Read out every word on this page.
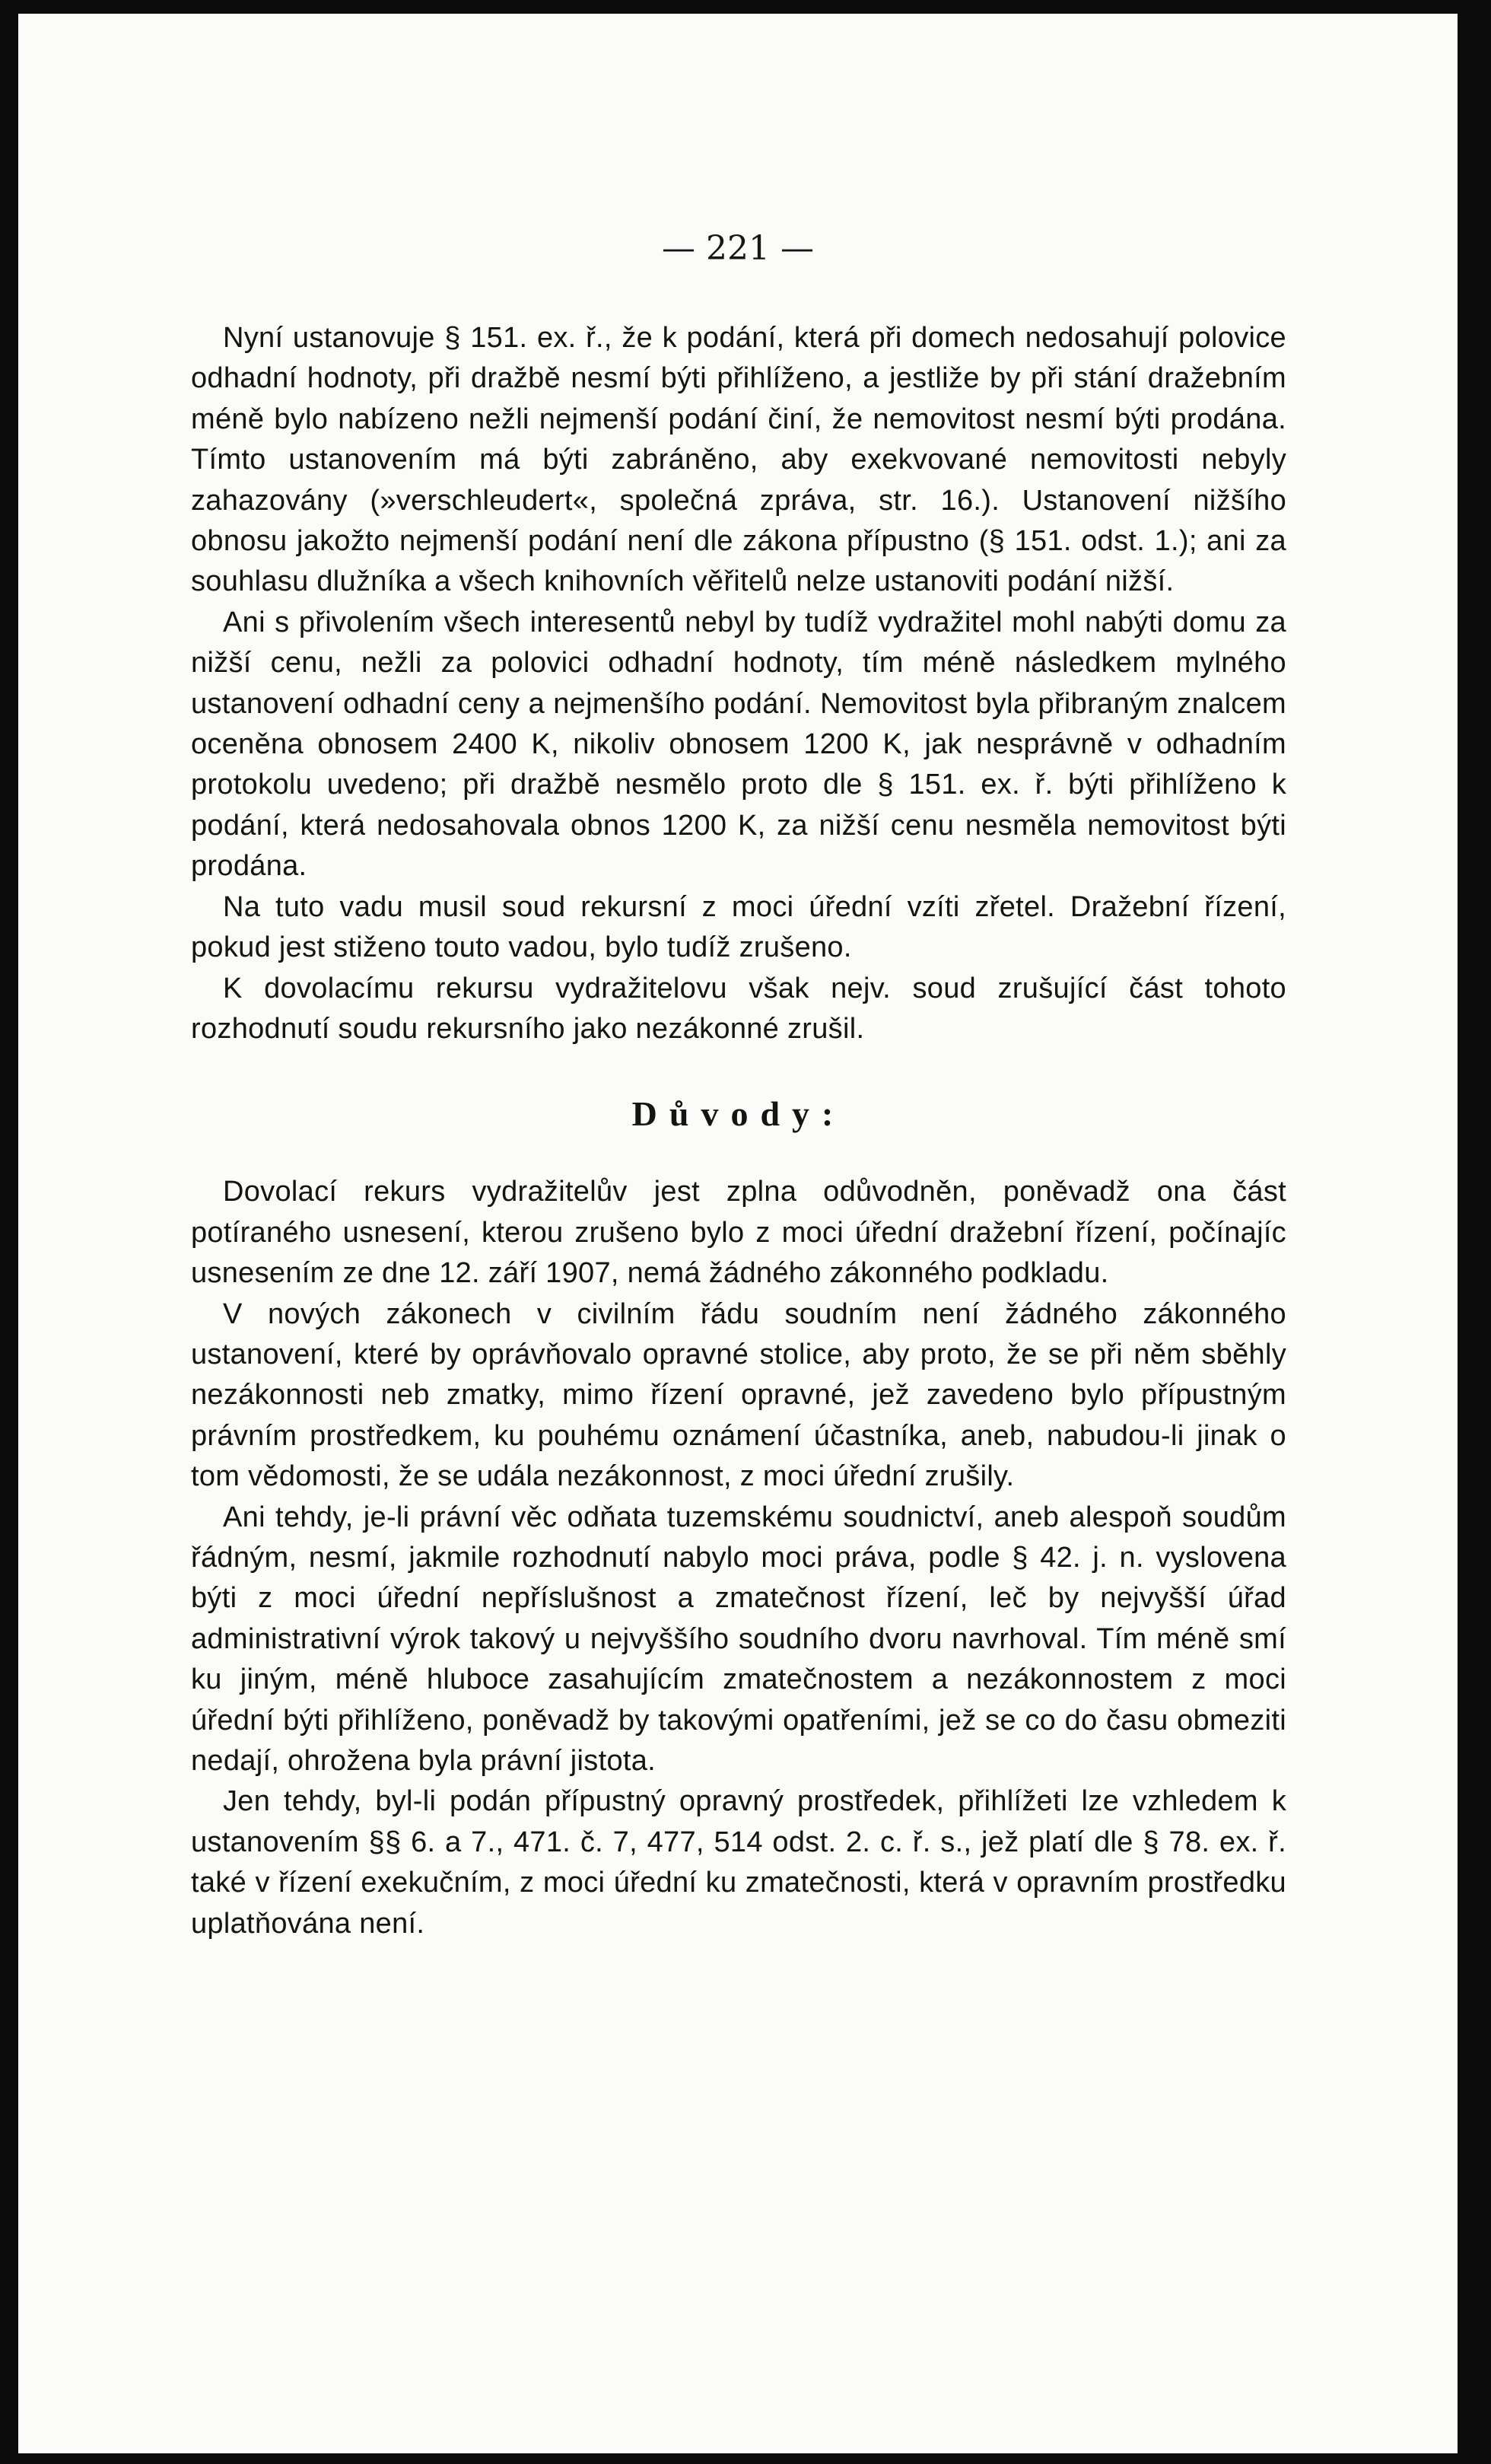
— 221 —

Nyní ustanovuje § 151. ex. ř., že k podání, která při domech nedosahují polovice odhadní hodnoty, při dražbě nesmí býti přihlíženo, a jestliže by při stání dražebním méně bylo nabízeno nežli nejmenší podání činí, že nemovitost nesmí býti prodána. Tímto ustanovením má býti zabráněno, aby exekvované nemovitosti nebyly zahazovány (»verschleudert«, společná zpráva, str. 16.). Ustanovení nižšího obnosu jakožto nejmenší podání není dle zákona přípustno (§ 151. odst. 1.); ani za souhlasu dlužníka a všech knihovních věřitelů nelze ustanoviti podání nižší.

Ani s přivolením všech interesentů nebyl by tudíž vydražitel mohl nabýti domu za nižší cenu, nežli za polovici odhadní hodnoty, tím méně následkem mylného ustanovení odhadní ceny a nejmenšího podání. Nemovitost byla přibraným znalcem oceněna obnosem 2400 K, nikoliv obnosem 1200 K, jak nesprávně v odhadním protokolu uvedeno; při dražbě nesmělo proto dle § 151. ex. ř. býti přihlíženo k podání, která nedosahovala obnos 1200 K, za nižší cenu nesměla nemovitost býti prodána.

Na tuto vadu musil soud rekursní z moci úřední vzíti zřetel. Dražební řízení, pokud jest stiženo touto vadou, bylo tudíž zrušeno.

K dovolacímu rekursu vydražitelovu však nejv. soud zrušující část tohoto rozhodnutí soudu rekursního jako nezákonné zrušil.

Důvody:

Dovolací rekurs vydražitelův jest zplna odůvodněn, poněvadž ona část potíraného usnesení, kterou zrušeno bylo z moci úřední dražební řízení, počínajíc usnesením ze dne 12. září 1907, nemá žádného zákonného podkladu.

V nových zákonech v civilním řádu soudním není žádného zákonného ustanovení, které by oprávňovalo opravné stolice, aby proto, že se při něm sběhly nezákonnosti neb zmatky, mimo řízení opravné, jež zavedeno bylo přípustným právním prostředkem, ku pouhému oznámení účastníka, aneb, nabudou-li jinak o tom vědomosti, že se udála nezákonnost, z moci úřední zrušily.

Ani tehdy, je-li právní věc odňata tuzemskému soudnictví, aneb alespoň soudům řádným, nesmí, jakmile rozhodnutí nabylo moci práva, podle § 42. j. n. vyslovena býti z moci úřední nepříslušnost a zmatečnost řízení, leč by nejvyšší úřad administrativní výrok takový u nejvyššího soudního dvoru navrhoval. Tím méně smí ku jiným, méně hluboce zasahujícím zmatečnostem a nezákonnostem z moci úřední býti přihlíženo, poněvadž by takovými opatřeními, jež se co do času obmeziti nedají, ohrožena byla právní jistota.

Jen tehdy, byl-li podán přípustný opravný prostředek, přihlížeti lze vzhledem k ustanovením §§ 6. a 7., 471. č. 7, 477, 514 odst. 2. c. ř. s., jež platí dle § 78. ex. ř. také v řízení exekučním, z moci úřední ku zmatečnosti, která v opravním prostředku uplatňována není.
